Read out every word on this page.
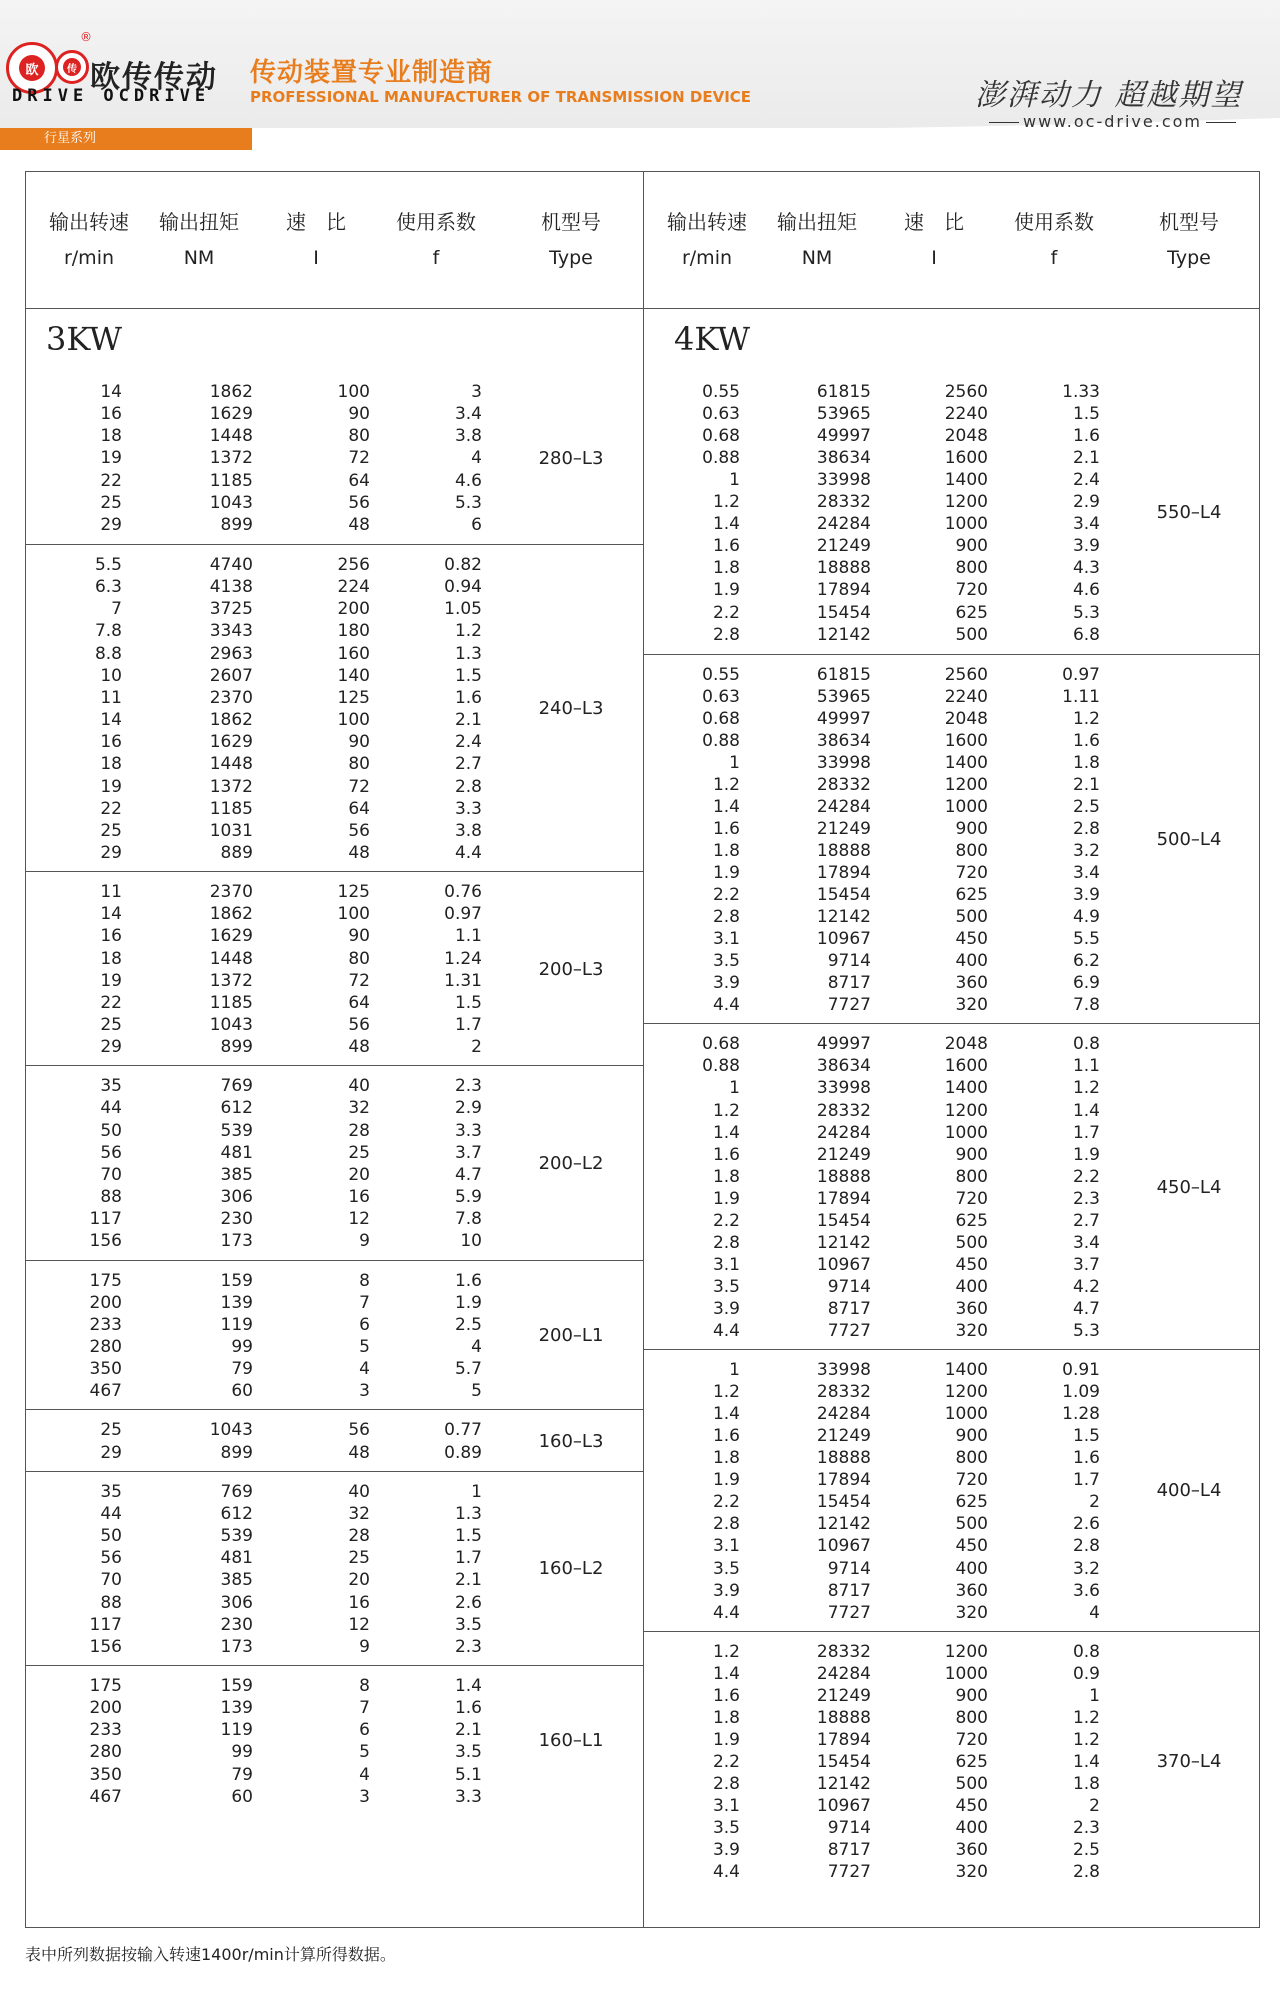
欧	传
®
欧传传动
DRIVE OCDRIVE
传动装置专业制造商
PROFESSIONAL MANUFACTURER OF TRANSMISSION DEVICE	澎湃动力 超越期望
www.oc-drive.com
行星系列
输出转速
r/min
输出扭矩
NM
速　比
I
使用系数
f
机型号
Type
3KW
14	1862	100	3
16	1629	90	3.4
18	1448	80	3.8
19	1372	72	4
22	1185	64	4.6
25	1043	56	5.3
29	899	48	6
280–L3
5.5	4740	256	0.82
6.3	4138	224	0.94
7	3725	200	1.05
7.8	3343	180	1.2
8.8	2963	160	1.3
10	2607	140	1.5
11	2370	125	1.6
14	1862	100	2.1
16	1629	90	2.4
18	1448	80	2.7
19	1372	72	2.8
22	1185	64	3.3
25	1031	56	3.8
29	889	48	4.4
240–L3
11	2370	125	0.76
14	1862	100	0.97
16	1629	90	1.1
18	1448	80	1.24
19	1372	72	1.31
22	1185	64	1.5
25	1043	56	1.7
29	899	48	2
200–L3
35	769	40	2.3
44	612	32	2.9
50	539	28	3.3
56	481	25	3.7
70	385	20	4.7
88	306	16	5.9
117	230	12	7.8
156	173	9	10
200–L2
175	159	8	1.6
200	139	7	1.9
233	119	6	2.5
280	99	5	4
350	79	4	5.7
467	60	3	5
200–L1
25	1043	56	0.77
29	899	48	0.89
160–L3
35	769	40	1
44	612	32	1.3
50	539	28	1.5
56	481	25	1.7
70	385	20	2.1
88	306	16	2.6
117	230	12	3.5
156	173	9	2.3
160–L2
175	159	8	1.4
200	139	7	1.6
233	119	6	2.1
280	99	5	3.5
350	79	4	5.1
467	60	3	3.3
160–L1
输出转速
r/min
输出扭矩
NM
速　比
I
使用系数
f
机型号
Type
4KW
0.55	61815	2560	1.33
0.63	53965	2240	1.5
0.68	49997	2048	1.6
0.88	38634	1600	2.1
1	33998	1400	2.4
1.2	28332	1200	2.9
1.4	24284	1000	3.4
1.6	21249	900	3.9
1.8	18888	800	4.3
1.9	17894	720	4.6
2.2	15454	625	5.3
2.8	12142	500	6.8
550–L4
0.55	61815	2560	0.97
0.63	53965	2240	1.11
0.68	49997	2048	1.2
0.88	38634	1600	1.6
1	33998	1400	1.8
1.2	28332	1200	2.1
1.4	24284	1000	2.5
1.6	21249	900	2.8
1.8	18888	800	3.2
1.9	17894	720	3.4
2.2	15454	625	3.9
2.8	12142	500	4.9
3.1	10967	450	5.5
3.5	9714	400	6.2
3.9	8717	360	6.9
4.4	7727	320	7.8
500–L4
0.68	49997	2048	0.8
0.88	38634	1600	1.1
1	33998	1400	1.2
1.2	28332	1200	1.4
1.4	24284	1000	1.7
1.6	21249	900	1.9
1.8	18888	800	2.2
1.9	17894	720	2.3
2.2	15454	625	2.7
2.8	12142	500	3.4
3.1	10967	450	3.7
3.5	9714	400	4.2
3.9	8717	360	4.7
4.4	7727	320	5.3
450–L4
1	33998	1400	0.91
1.2	28332	1200	1.09
1.4	24284	1000	1.28
1.6	21249	900	1.5
1.8	18888	800	1.6
1.9	17894	720	1.7
2.2	15454	625	2
2.8	12142	500	2.6
3.1	10967	450	2.8
3.5	9714	400	3.2
3.9	8717	360	3.6
4.4	7727	320	4
400–L4
1.2	28332	1200	0.8
1.4	24284	1000	0.9
1.6	21249	900	1
1.8	18888	800	1.2
1.9	17894	720	1.2
2.2	15454	625	1.4
2.8	12142	500	1.8
3.1	10967	450	2
3.5	9714	400	2.3
3.9	8717	360	2.5
4.4	7727	320	2.8
370–L4
表中所列数据按输入转速1400r/min计算所得数据。
